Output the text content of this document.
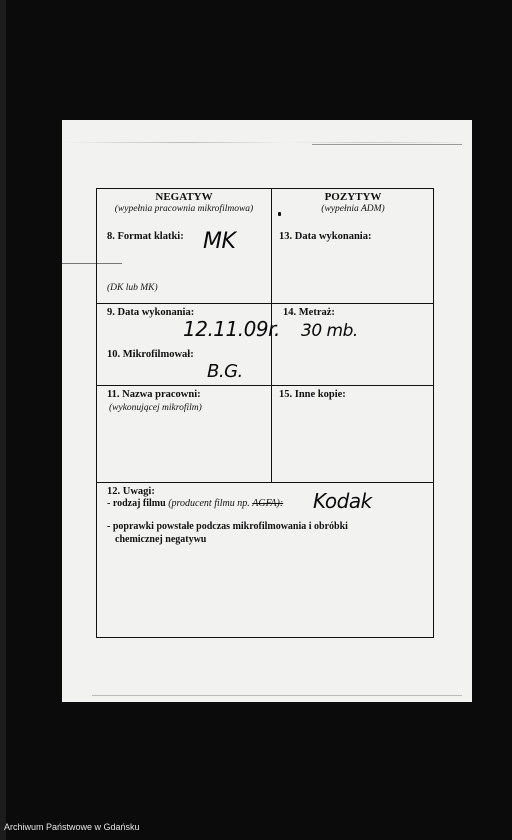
NEGATYW
(wypełnia pracownia mikrofilmowa)
POZYTYW
(wypełnia ADM)
8. Format klatki: MK
(DK lub MK)
13. Data wykonania:
9. Data wykonania:
12.11.09r.
10. Mikrofilmował:
B.G.
14. Metraż:
30 mb.
11. Nazwa pracowni:
(wykonującej mikrofilm)
15. Inne kopie:
12. Uwagi:
- rodzaj filmu (producent filmu np. AGFA): Kodak
- poprawki powstałe podczas mikrofilmowania i obróbki
chemicznej negatywu
Archiwum Państwowe w Gdańsku
